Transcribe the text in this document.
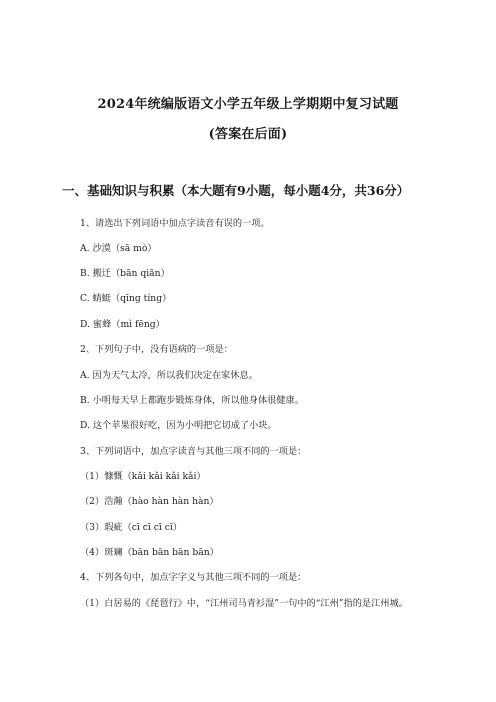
2024年统编版语文小学五年级上学期期中复习试题
(答案在后面)
一、基础知识与积累（本大题有9小题，每小题4分，共36分）
1、请选出下列词语中加点字读音有误的一项。
A. 沙漠（sā mò）
B. 搬迁（bān qiān）
C. 蜻蜓（qīng tíng）
D. 蜜蜂（mì fēng）
2、下列句子中，没有语病的一项是：
A. 因为天气太冷，所以我们决定在家休息。
B. 小明每天早上都跑步锻炼身体，所以他身体很健康。
D. 这个苹果很好吃，因为小明把它切成了小块。
3、下列词语中，加点字读音与其他三项不同的一项是：
（1）慷慨（kǎi kǎi kǎi kǎi）
（2）浩瀚（hào hàn hàn hàn）
（3）瑕疵（cī cī cī cī）
（4）斑斓（bān bān bān bān）
4、下列各句中，加点字字义与其他三项不同的一项是：
（1）白居易的《琵琶行》中，“江州司马青衫湿”一句中的“江州”指的是江州城。
